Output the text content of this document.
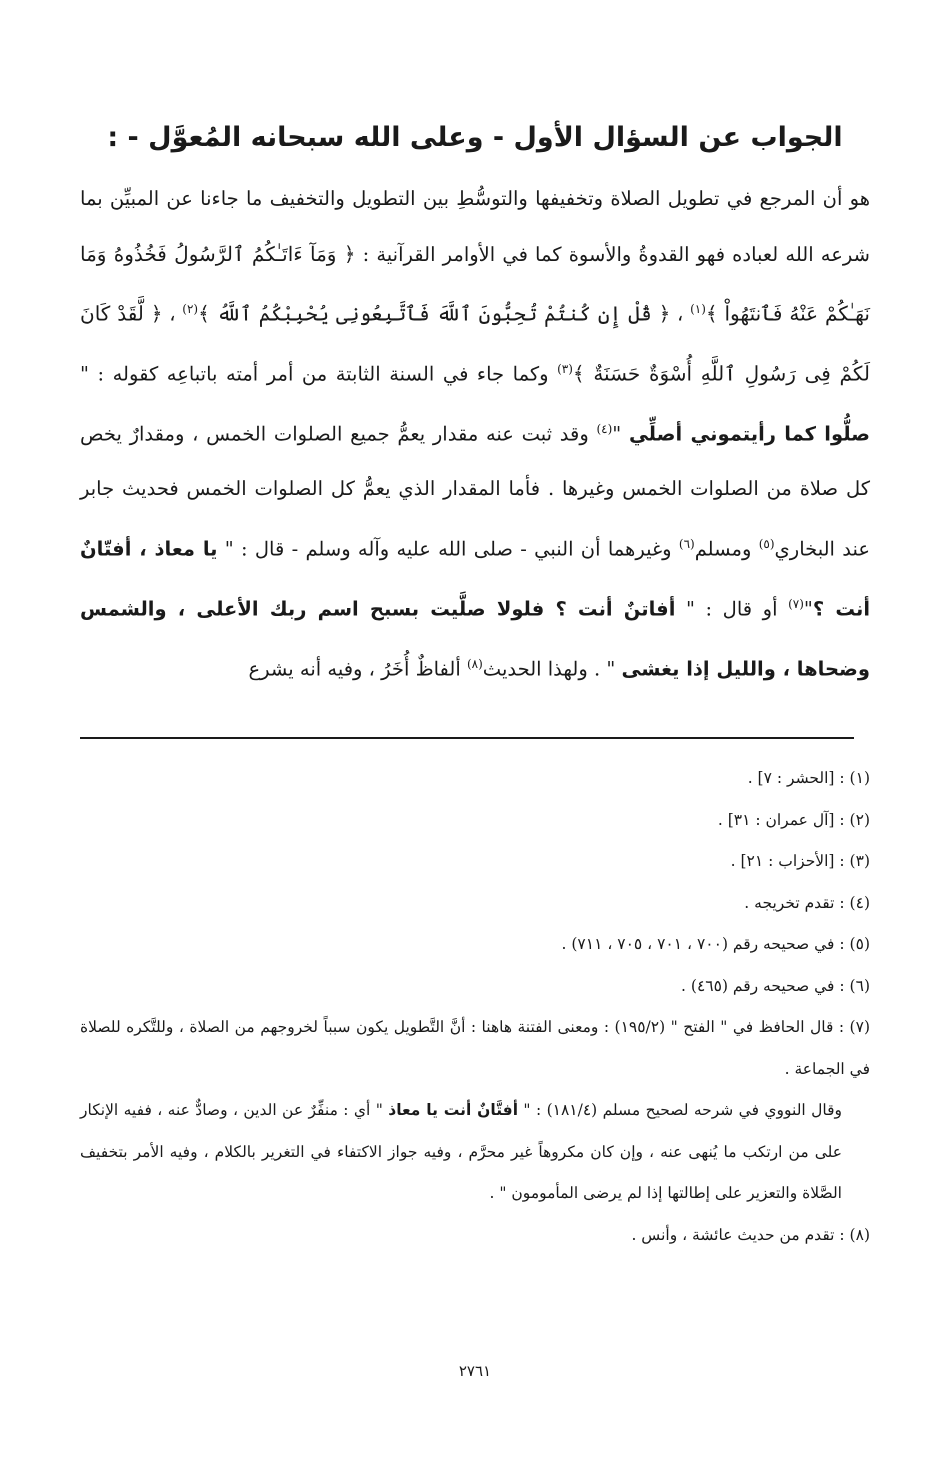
الجواب عن السؤال الأول - وعلى الله سبحانه المُعوَّل - :

هو أن المرجع في تطويل الصلاة وتخفيفها والتوسُّطِ بين التطويل والتخفيف ما جاءنا عن المبيِّن بما شرعه الله لعباده فهو القدوةُ والأسوة كما في الأوامر القرآنية : ﴿ وَمَآ ءَاتَـٰكُمُ ٱلرَّسُولُ فَخُذُوهُ وَمَا نَهَـٰكُمْ عَنْهُ فَٱنتَهُواْ ﴾$^{(١)}$ ، ﴿ قُلْ إِن كُنتُمْ تُحِبُّونَ ٱللَّهَ فَٱتَّبِعُونِى يُحْبِبْكُمُ ٱللَّهُ ﴾$^{(٢)}$ ، ﴿ لَّقَدْ كَانَ لَكُمْ فِى رَسُولِ ٱللَّهِ أُسْوَةٌ حَسَنَةٌ ﴾$^{(٣)}$ وكما جاء في السنة الثابتة من أمر أمته باتباعِه كقوله : " صلُّوا كما رأيتموني أصلِّي "$^{(٤)}$ وقد ثبت عنه مقدار يعمُّ جميع الصلوات الخمس ، ومقدارٌ يخص كل صلاة من الصلوات الخمس وغيرها . فأما المقدار الذي يعمُّ كل الصلوات الخمس فحديث جابر عند البخاري$^{(٥)}$ ومسلم$^{(٦)}$ وغيرهما أن النبي - صلى الله عليه وآله وسلم - قال : " يا معاذ ، أفتّانٌ أنت ؟"$^{(٧)}$ أو قال : " أفاتنٌ أنت ؟ فلولا صلَّيت بسبح اسم ربك الأعلى ، والشمس وضحاها ، والليل إذا يغشى " . ولهذا الحديث$^{(٨)}$ ألفاظٌ أُخَرُ ، وفيه أنه يشرع

(١) : [الحشر : ٧] .

(٢) : [آل عمران : ٣١] .

(٣) : [الأحزاب : ٢١] .

(٤) : تقدم تخريجه .

(٥) : في صحيحه رقم (٧٠٠ ، ٧٠١ ، ٧٠٥ ، ٧١١) .

(٦) : في صحيحه رقم (٤٦٥) .

(٧) : قال الحافظ في " الفتح " (١٩٥/٢) : ومعنى الفتنة هاهنا : أنَّ التَّطويل يكون سبباً لخروجهم من الصلاة ، وللتَّكره للصلاة في الجماعة .

وقال النووي في شرحه لصحيح مسلم (١٨١/٤) : " أفتَّانٌ أنت يا معاذ " أي : منفِّرٌ عن الدين ، وصادٌّ عنه ، ففيه الإنكار على من ارتكب ما يُنهى عنه ، وإن كان مكروهاً غير محرَّم ، وفيه جواز الاكتفاء في التغرير بالكلام ، وفيه الأمر بتخفيف الصَّلاة والتعزير على إطالتها إذا لم يرضى المأمومون " .

(٨) : تقدم من حديث عائشة ، وأنس .

٢٧٦١
